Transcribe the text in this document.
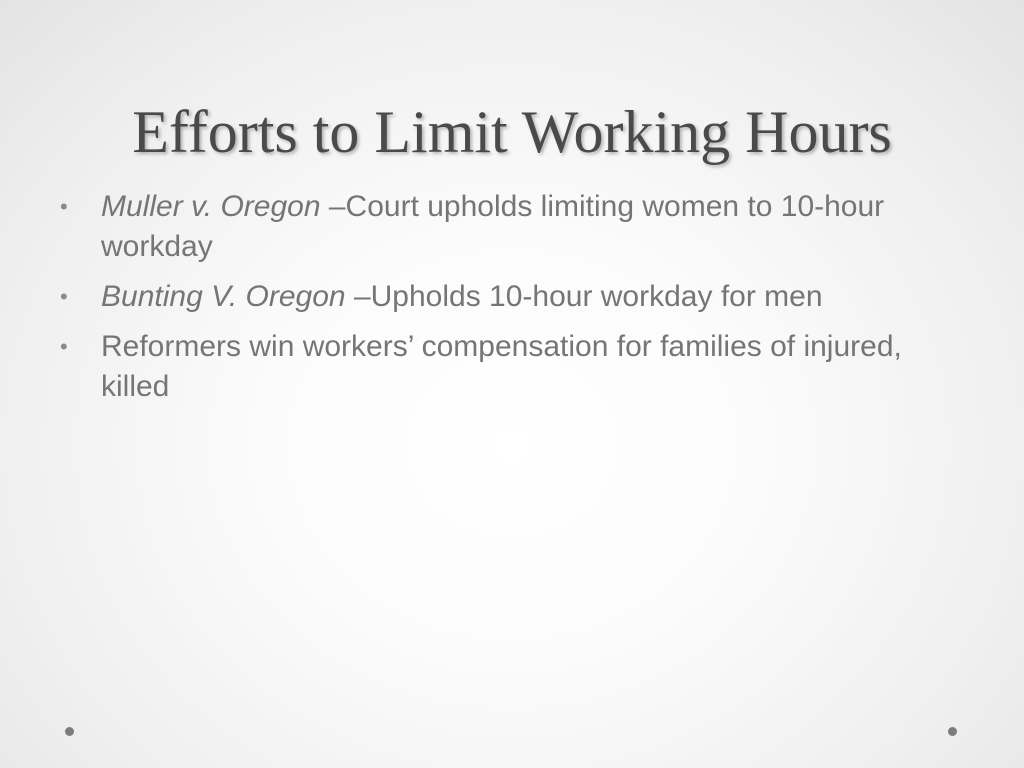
Efforts to Limit Working Hours
• Muller v. Oregon –Court upholds limiting women to 10-hour workday
• Bunting V. Oregon –Upholds 10-hour workday for men
• Reformers win workers’ compensation for families of injured, killed
